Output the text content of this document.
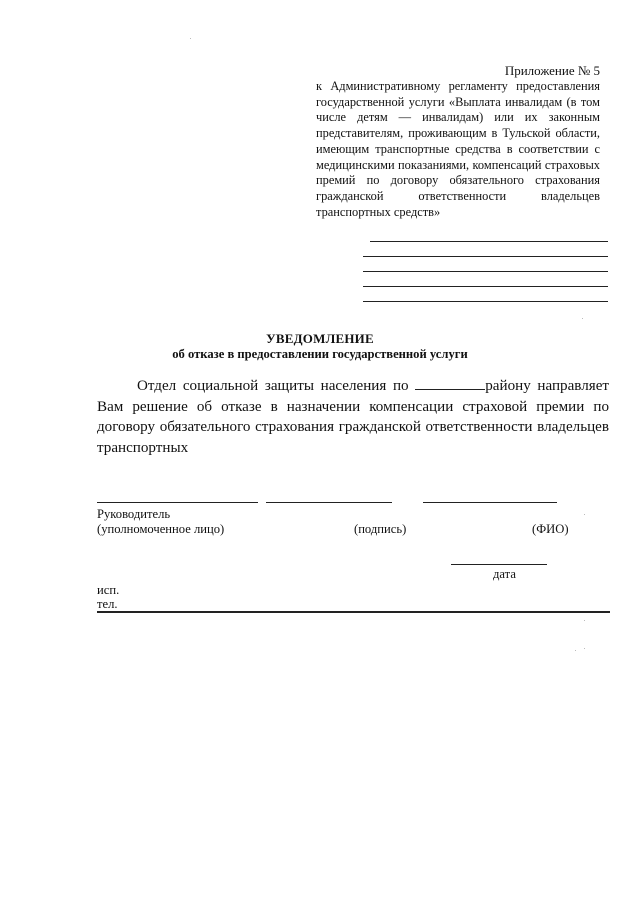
Приложение № 5
к Административному регламенту предоставления государственной услуги «Выплата инвалидам (в том числе детям — инвалидам) или их законным представителям, проживающим в Тульской области, имеющим транспортные средства в соответствии с медицинскими показаниями, компенсаций страховых премий по договору обязательного страхования гражданской ответственности владельцев транспортных средств»
УВЕДОМЛЕНИЕ
об отказе в предоставлении государственной услуги
Отдел социальной защиты населения по	району направляет Вам решение об отказе в назначении компенсации страховой премии по договору обязательного страхования гражданской ответственности владельцев транспортных
Руководитель
(уполномоченное лицо)	(подпись)	(ФИО)
дата
исп.
тел.
